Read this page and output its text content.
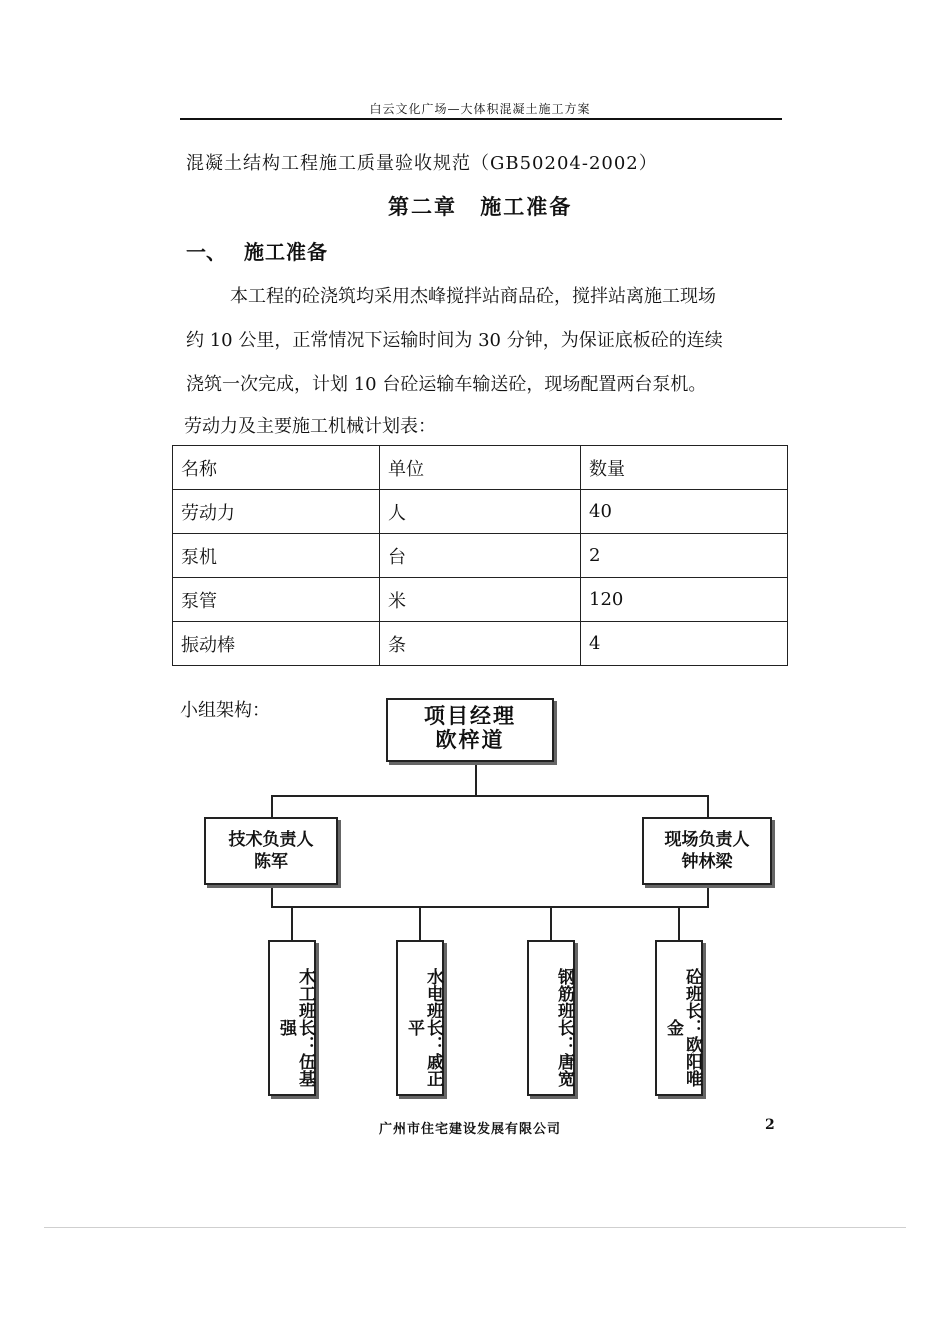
白云文化广场—大体积混凝土施工方案
混凝土结构工程施工质量验收规范（GB50204-2002）
第二章 施工准备
一、 施工准备
本工程的砼浇筑均采用杰峰搅拌站商品砼，搅拌站离施工现场
约 10 公里，正常情况下运输时间为 30 分钟，为保证底板砼的连续
浇筑一次完成，计划 10 台砼运输车输送砼，现场配置两台泵机。
劳动力及主要施工机械计划表：
名称	单位	数量
劳动力	人	40
泵机	台	2
泵管	米	120
振动棒	条	4
小组架构：	项目经理
欧梓道
技术负责人
陈军
现场负责人
钟林梁
木工班长：伍基强	水电班长：戚正平	钢筋班长：唐宽	砼班长：欧阳唯金
广州市住宅建设发展有限公司	2
